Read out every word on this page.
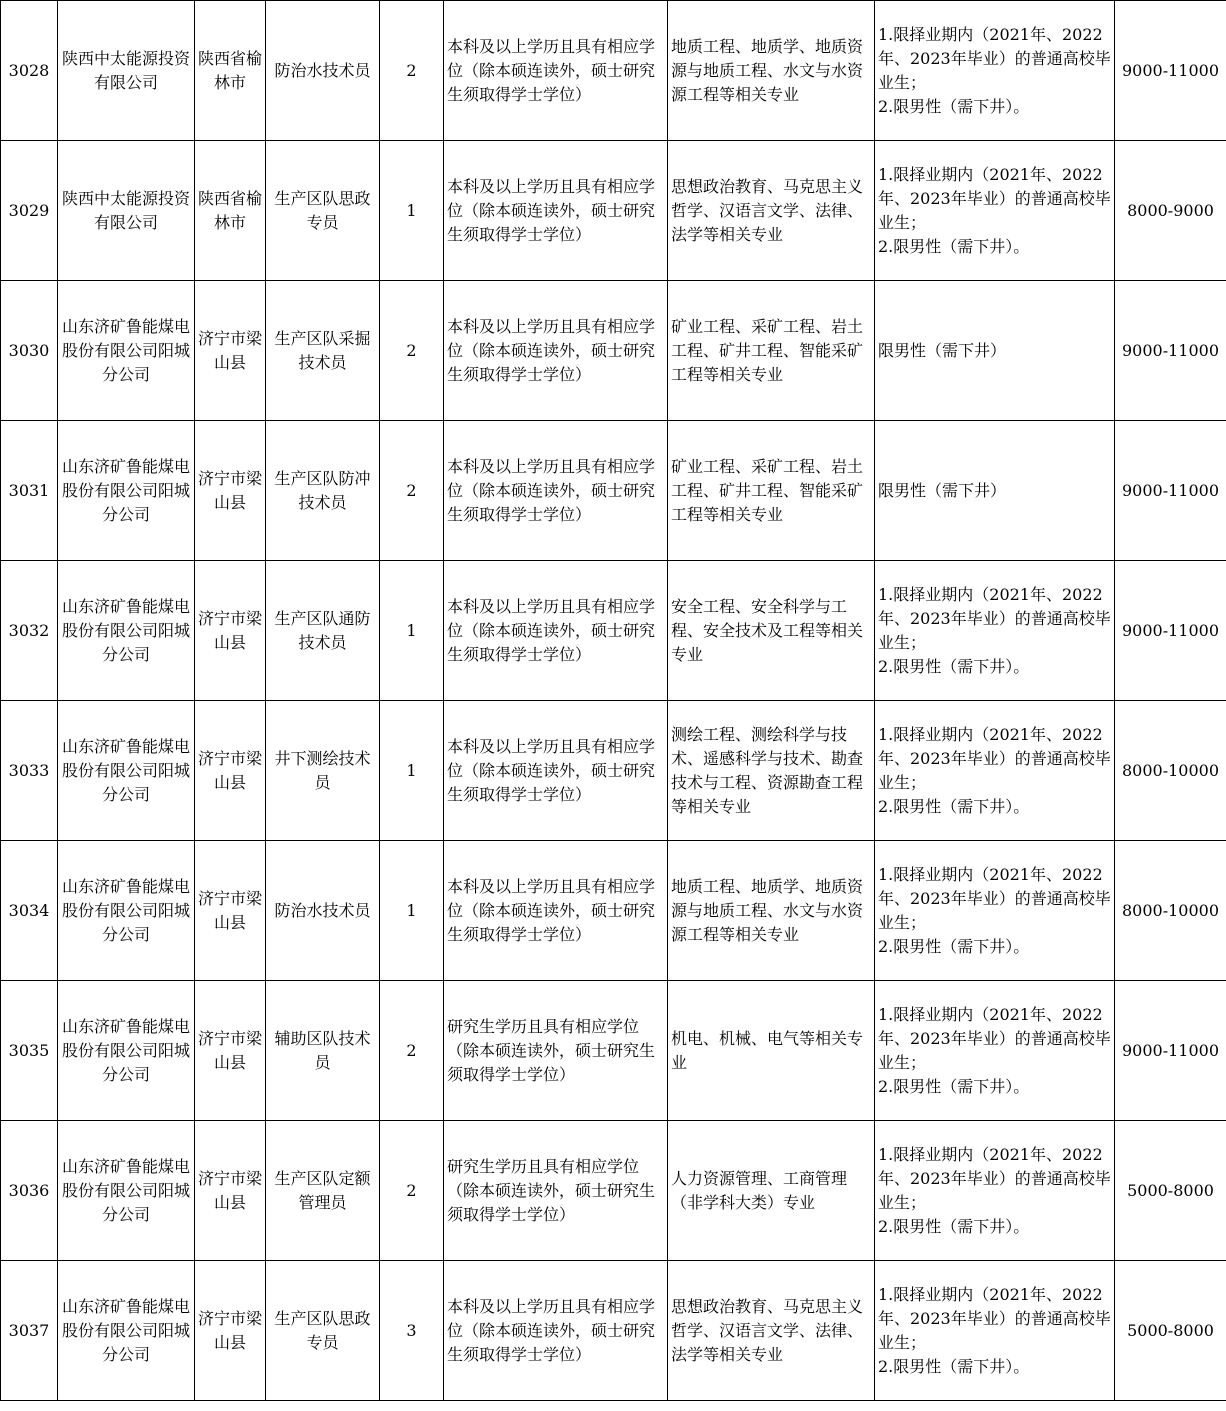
3028	陕西中太能源投资有限公司	陕西省榆林市	防治水技术员	2	本科及以上学历且具有相应学位（除本硕连读外，硕士研究生须取得学士学位）	地质工程、地质学、地质资源与地质工程、水文与水资源工程等相关专业	1.限择业期内（2021年、2022年、2023年毕业）的普通高校毕业生；
2.限男性（需下井）。	9000-11000
3029	陕西中太能源投资有限公司	陕西省榆林市	生产区队思政专员	1	本科及以上学历且具有相应学位（除本硕连读外，硕士研究生须取得学士学位）	思想政治教育、马克思主义哲学、汉语言文学、法律、法学等相关专业	1.限择业期内（2021年、2022年、2023年毕业）的普通高校毕业生；
2.限男性（需下井）。	8000-9000
3030	山东济矿鲁能煤电股份有限公司阳城分公司	济宁市梁山县	生产区队采掘技术员	2	本科及以上学历且具有相应学位（除本硕连读外，硕士研究生须取得学士学位）	矿业工程、采矿工程、岩土工程、矿井工程、智能采矿工程等相关专业	限男性（需下井）	9000-11000
3031	山东济矿鲁能煤电股份有限公司阳城分公司	济宁市梁山县	生产区队防冲技术员	2	本科及以上学历且具有相应学位（除本硕连读外，硕士研究生须取得学士学位）	矿业工程、采矿工程、岩土工程、矿井工程、智能采矿工程等相关专业	限男性（需下井）	9000-11000
3032	山东济矿鲁能煤电股份有限公司阳城分公司	济宁市梁山县	生产区队通防技术员	1	本科及以上学历且具有相应学位（除本硕连读外，硕士研究生须取得学士学位）	安全工程、安全科学与工程、安全技术及工程等相关专业	1.限择业期内（2021年、2022年、2023年毕业）的普通高校毕业生；
2.限男性（需下井）。	9000-11000
3033	山东济矿鲁能煤电股份有限公司阳城分公司	济宁市梁山县	井下测绘技术员	1	本科及以上学历且具有相应学位（除本硕连读外，硕士研究生须取得学士学位）	测绘工程、测绘科学与技术、遥感科学与技术、勘查技术与工程、资源勘查工程等相关专业	1.限择业期内（2021年、2022年、2023年毕业）的普通高校毕业生；
2.限男性（需下井）。	8000-10000
3034	山东济矿鲁能煤电股份有限公司阳城分公司	济宁市梁山县	防治水技术员	1	本科及以上学历且具有相应学位（除本硕连读外，硕士研究生须取得学士学位）	地质工程、地质学、地质资源与地质工程、水文与水资源工程等相关专业	1.限择业期内（2021年、2022年、2023年毕业）的普通高校毕业生；
2.限男性（需下井）。	8000-10000
3035	山东济矿鲁能煤电股份有限公司阳城分公司	济宁市梁山县	辅助区队技术员	2	研究生学历且具有相应学位（除本硕连读外，硕士研究生须取得学士学位）	机电、机械、电气等相关专业	1.限择业期内（2021年、2022年、2023年毕业）的普通高校毕业生；
2.限男性（需下井）。	9000-11000
3036	山东济矿鲁能煤电股份有限公司阳城分公司	济宁市梁山县	生产区队定额管理员	2	研究生学历且具有相应学位（除本硕连读外，硕士研究生须取得学士学位）	人力资源管理、工商管理（非学科大类）专业	1.限择业期内（2021年、2022年、2023年毕业）的普通高校毕业生；
2.限男性（需下井）。	5000-8000
3037	山东济矿鲁能煤电股份有限公司阳城分公司	济宁市梁山县	生产区队思政专员	3	本科及以上学历且具有相应学位（除本硕连读外，硕士研究生须取得学士学位）	思想政治教育、马克思主义哲学、汉语言文学、法律、法学等相关专业	1.限择业期内（2021年、2022年、2023年毕业）的普通高校毕业生；
2.限男性（需下井）。	5000-8000
